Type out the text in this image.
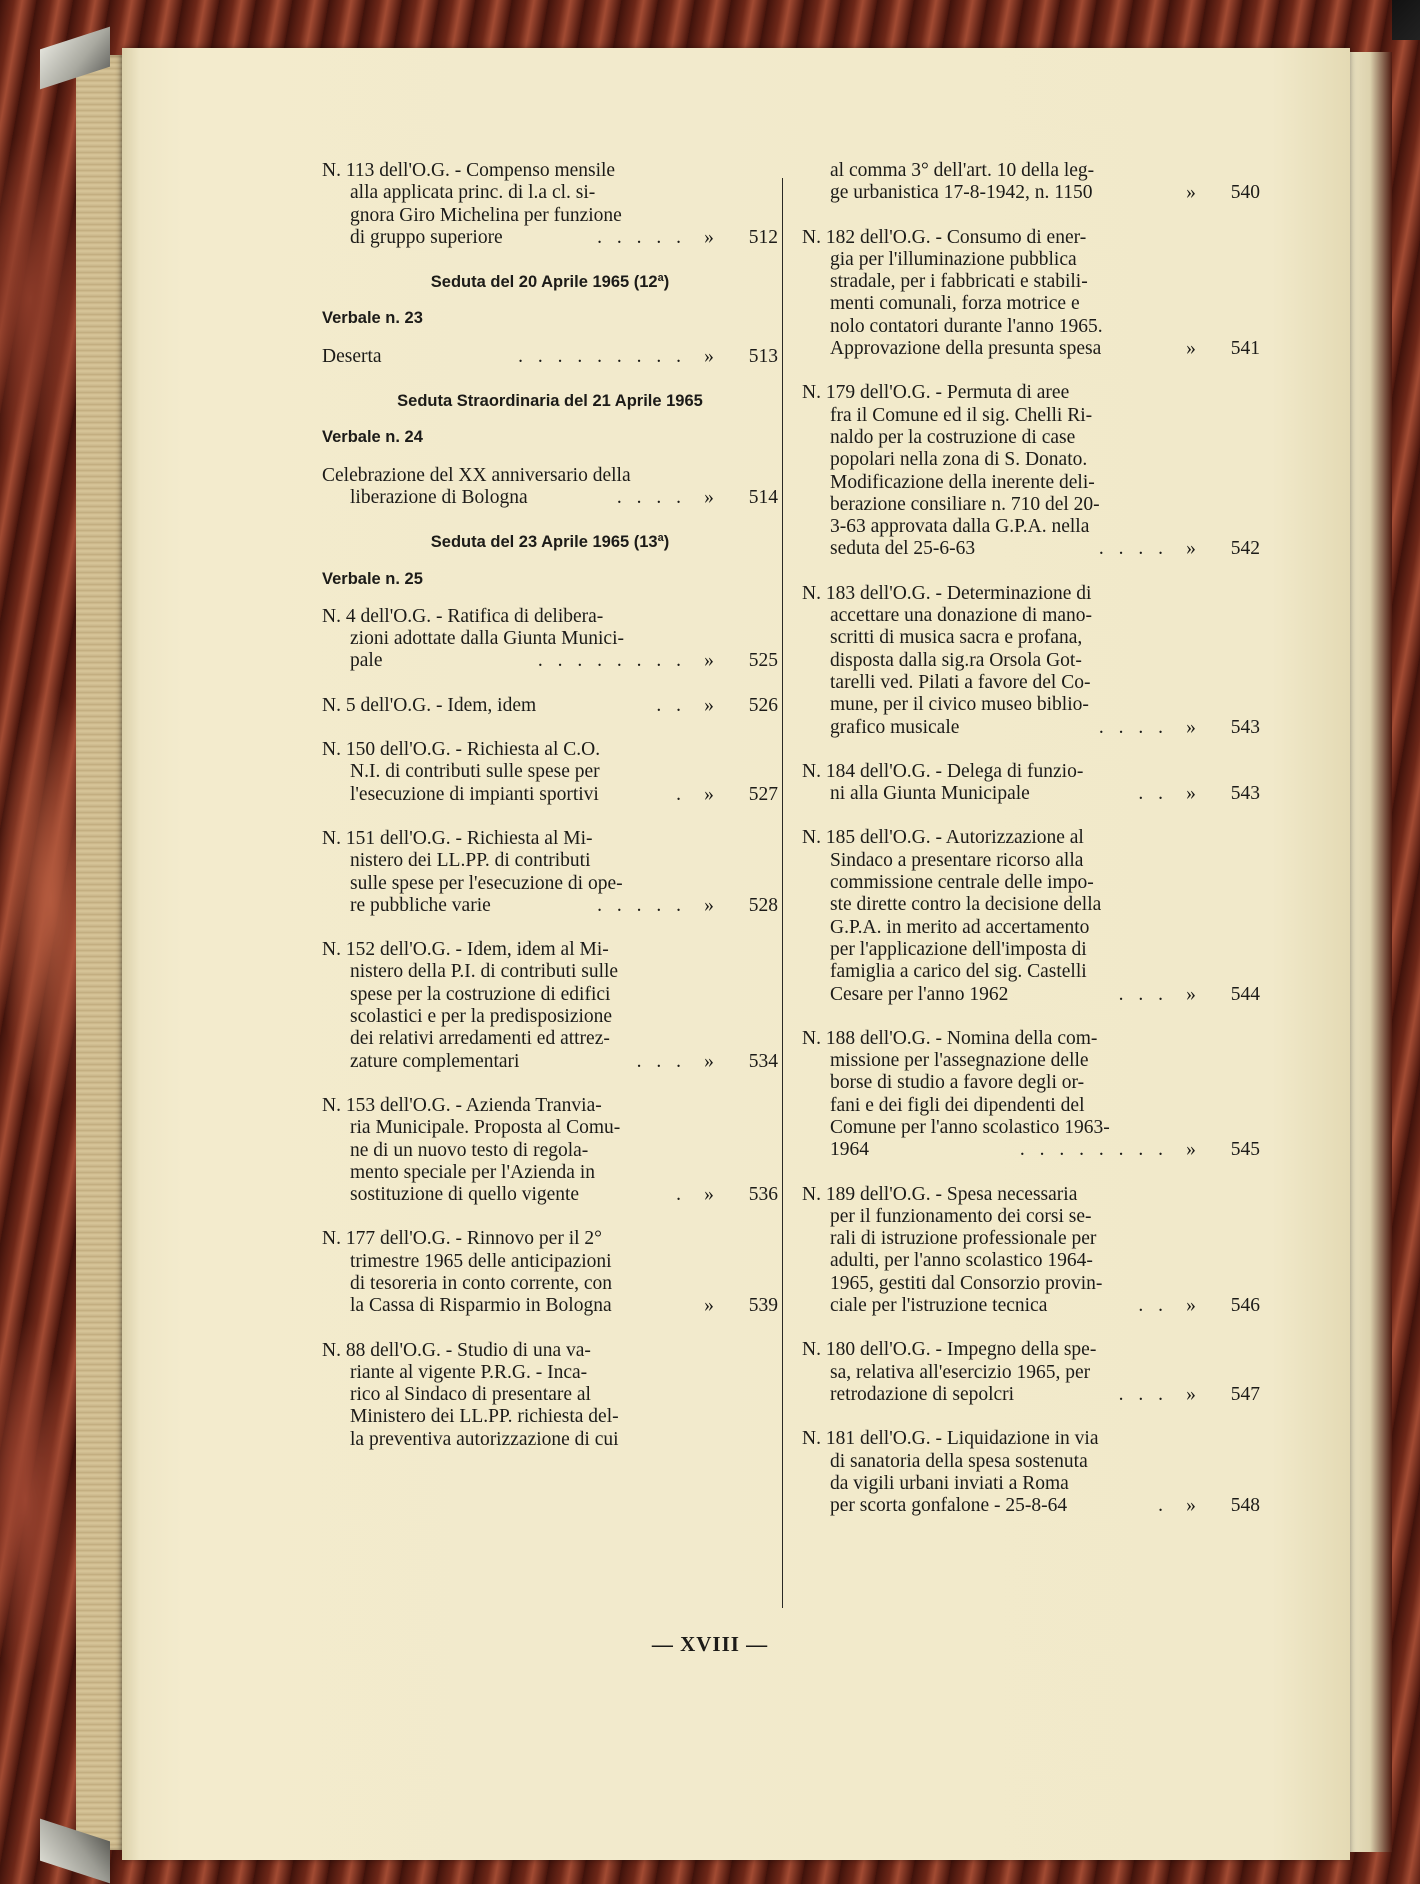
N. 113 dell'O.G. - Compenso mensile
alla applicata princ. di l.a cl. si-
gnora Giro Michelina per funzione
di gruppo superiore	. . . . . »	512
Seduta del 20 Aprile 1965 (12ª)
Verbale n. 23
Deserta	. . . . . . . . . »	513
Seduta Straordinaria del 21 Aprile 1965
Verbale n. 24
Celebrazione del XX anniversario della
liberazione di Bologna	. . . . »	514
Seduta del 23 Aprile 1965 (13ª)
Verbale n. 25
N. 4 dell'O.G. - Ratifica di delibera-
zioni adottate dalla Giunta Munici-
pale	. . . . . . . . »	525
N. 5 dell'O.G. - Idem, idem	. . »	526
N. 150 dell'O.G. - Richiesta al C.O.
N.I. di contributi sulle spese per
l'esecuzione di impianti sportivi	. »	527
N. 151 dell'O.G. - Richiesta al Mi-
nistero dei LL.PP. di contributi
sulle spese per l'esecuzione di ope-
re pubbliche varie	. . . . . »	528
N. 152 dell'O.G. - Idem, idem al Mi-
nistero della P.I. di contributi sulle
spese per la costruzione di edifici
scolastici e per la predisposizione
dei relativi arredamenti ed attrez-
zature complementari	. . . »	534
N. 153 dell'O.G. - Azienda Tranvia-
ria Municipale. Proposta al Comu-
ne di un nuovo testo di regola-
mento speciale per l'Azienda in
sostituzione di quello vigente	. »	536
N. 177 dell'O.G. - Rinnovo per il 2°
trimestre 1965 delle anticipazioni
di tesoreria in conto corrente, con
la Cassa di Risparmio in Bologna	»	539
N. 88 dell'O.G. - Studio di una va-
riante al vigente P.R.G. - Inca-
rico al Sindaco di presentare al
Ministero dei LL.PP. richiesta del-
la preventiva autorizzazione di cui
al comma 3° dell'art. 10 della leg-
ge urbanistica 17-8-1942, n. 1150	»	540
N. 182 dell'O.G. - Consumo di ener-
gia per l'illuminazione pubblica
stradale, per i fabbricati e stabili-
menti comunali, forza motrice e
nolo contatori durante l'anno 1965.
Approvazione della presunta spesa	»	541
N. 179 dell'O.G. - Permuta di aree
fra il Comune ed il sig. Chelli Ri-
naldo per la costruzione di case
popolari nella zona di S. Donato.
Modificazione della inerente deli-
berazione consiliare n. 710 del 20-
3-63 approvata dalla G.P.A. nella
seduta del 25-6-63	. . . . »	542
N. 183 dell'O.G. - Determinazione di
accettare una donazione di mano-
scritti di musica sacra e profana,
disposta dalla sig.ra Orsola Got-
tarelli ved. Pilati a favore del Co-
mune, per il civico museo biblio-
grafico musicale	. . . . »	543
N. 184 dell'O.G. - Delega di funzio-
ni alla Giunta Municipale	. . »	543
N. 185 dell'O.G. - Autorizzazione al
Sindaco a presentare ricorso alla
commissione centrale delle impo-
ste dirette contro la decisione della
G.P.A. in merito ad accertamento
per l'applicazione dell'imposta di
famiglia a carico del sig. Castelli
Cesare per l'anno 1962	. . . »	544
N. 188 dell'O.G. - Nomina della com-
missione per l'assegnazione delle
borse di studio a favore degli or-
fani e dei figli dei dipendenti del
Comune per l'anno scolastico 1963-
1964	. . . . . . . . »	545
N. 189 dell'O.G. - Spesa necessaria
per il funzionamento dei corsi se-
rali di istruzione professionale per
adulti, per l'anno scolastico 1964-
1965, gestiti dal Consorzio provin-
ciale per l'istruzione tecnica	. . »	546
N. 180 dell'O.G. - Impegno della spe-
sa, relativa all'esercizio 1965, per
retrodazione di sepolcri	. . . »	547
N. 181 dell'O.G. - Liquidazione in via
di sanatoria della spesa sostenuta
da vigili urbani inviati a Roma
per scorta gonfalone - 25-8-64	. »	548
— XVIII —
